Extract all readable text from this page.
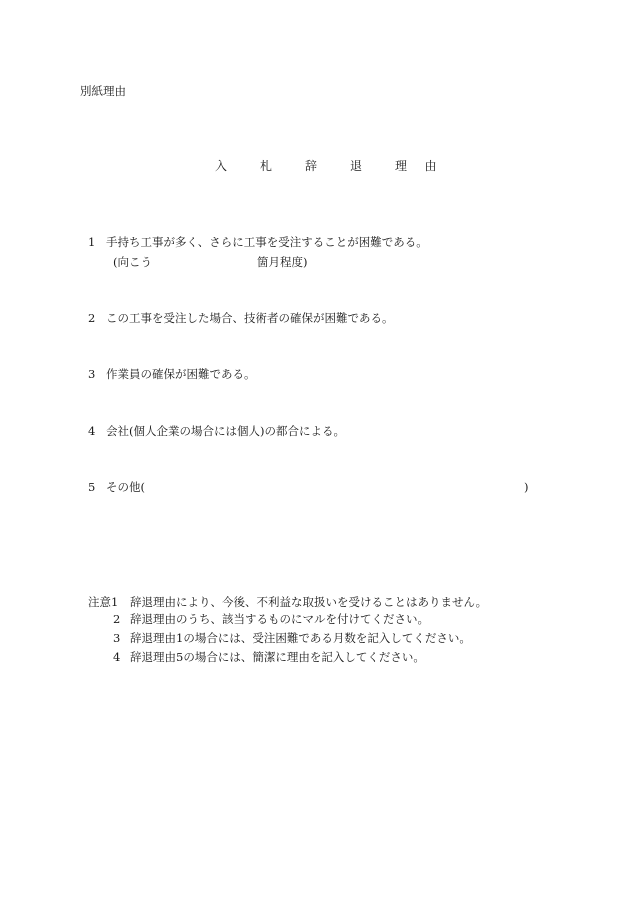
別紙理由
入	札	辞	退	理	由
1 手持ち工事が多く、さらに工事を受注することが困難である。
(向こう	箇月程度)
2 この工事を受注した場合、技術者の確保が困難である。
3 作業員の確保が困難である。
4 会社(個人企業の場合には個人)の都合による。
5 その他(	)
注意1 辞退理由により、今後、不利益な取扱いを受けることはありません。
2 辞退理由のうち、該当するものにマルを付けてください。
3 辞退理由1の場合には、受注困難である月数を記入してください。
4 辞退理由5の場合には、簡潔に理由を記入してください。
